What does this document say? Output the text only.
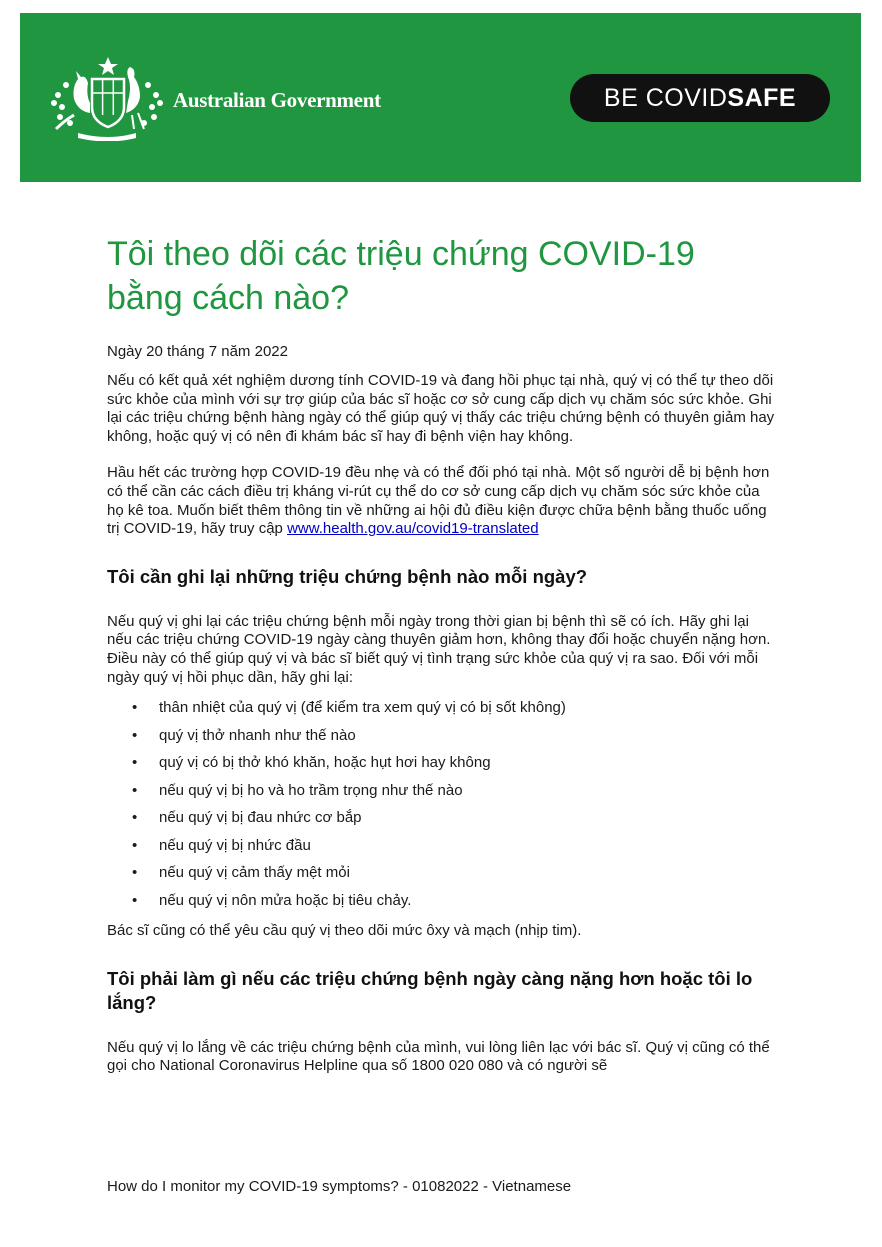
Australian Government	BE COVID SAFE
Tôi theo dõi các triệu chứng COVID-19 bằng cách nào?
Ngày 20 tháng 7 năm 2022

Nếu có kết quả xét nghiệm dương tính COVID-19 và đang hồi phục tại nhà, quý vị có thể tự theo dõi sức khỏe của mình với sự trợ giúp của bác sĩ hoặc cơ sở cung cấp dịch vụ chăm sóc sức khỏe. Ghi lại các triệu chứng bệnh hàng ngày có thể giúp quý vị thấy các triệu chứng bệnh có thuyên giảm hay không, hoặc quý vị có nên đi khám bác sĩ hay đi bệnh viện hay không.

Hầu hết các trường hợp COVID-19 đều nhẹ và có thể đối phó tại nhà. Một số người dễ bị bệnh hơn có thể cần các cách điều trị kháng vi-rút cụ thể do cơ sở cung cấp dịch vụ chăm sóc sức khỏe của họ kê toa. Muốn biết thêm thông tin về những ai hội đủ điều kiện được chữa bệnh bằng thuốc uống trị COVID-19, hãy truy cập www.health.gov.au/covid19-translated

Tôi cần ghi lại những triệu chứng bệnh nào mỗi ngày?

Nếu quý vị ghi lại các triệu chứng bệnh mỗi ngày trong thời gian bị bệnh thì sẽ có ích. Hãy ghi lại nếu các triệu chứng COVID-19 ngày càng thuyên giảm hơn, không thay đổi hoặc chuyển nặng hơn. Điều này có thể giúp quý vị và bác sĩ biết quý vị tình trạng sức khỏe của quý vị ra sao. Đối với mỗi ngày quý vị hồi phục dần, hãy ghi lại:

• thân nhiệt của quý vị (để kiểm tra xem quý vị có bị sốt không)
• quý vị thở nhanh như thế nào
• quý vị có bị thở khó khăn, hoặc hụt hơi hay không
• nếu quý vị bị ho và ho trầm trọng như thế nào
• nếu quý vị bị đau nhức cơ bắp
• nếu quý vị bị nhức đầu
• nếu quý vị cảm thấy mệt mỏi
• nếu quý vị nôn mửa hoặc bị tiêu chảy.

Bác sĩ cũng có thể yêu cầu quý vị theo dõi mức ôxy và mạch (nhịp tim).

Tôi phải làm gì nếu các triệu chứng bệnh ngày càng nặng hơn hoặc tôi lo lắng?

Nếu quý vị lo lắng về các triệu chứng bệnh của mình, vui lòng liên lạc với bác sĩ. Quý vị cũng có thể gọi cho National Coronavirus Helpline qua số 1800 020 080 và có người sẽ

How do I monitor my COVID-19 symptoms? - 01082022 - Vietnamese
